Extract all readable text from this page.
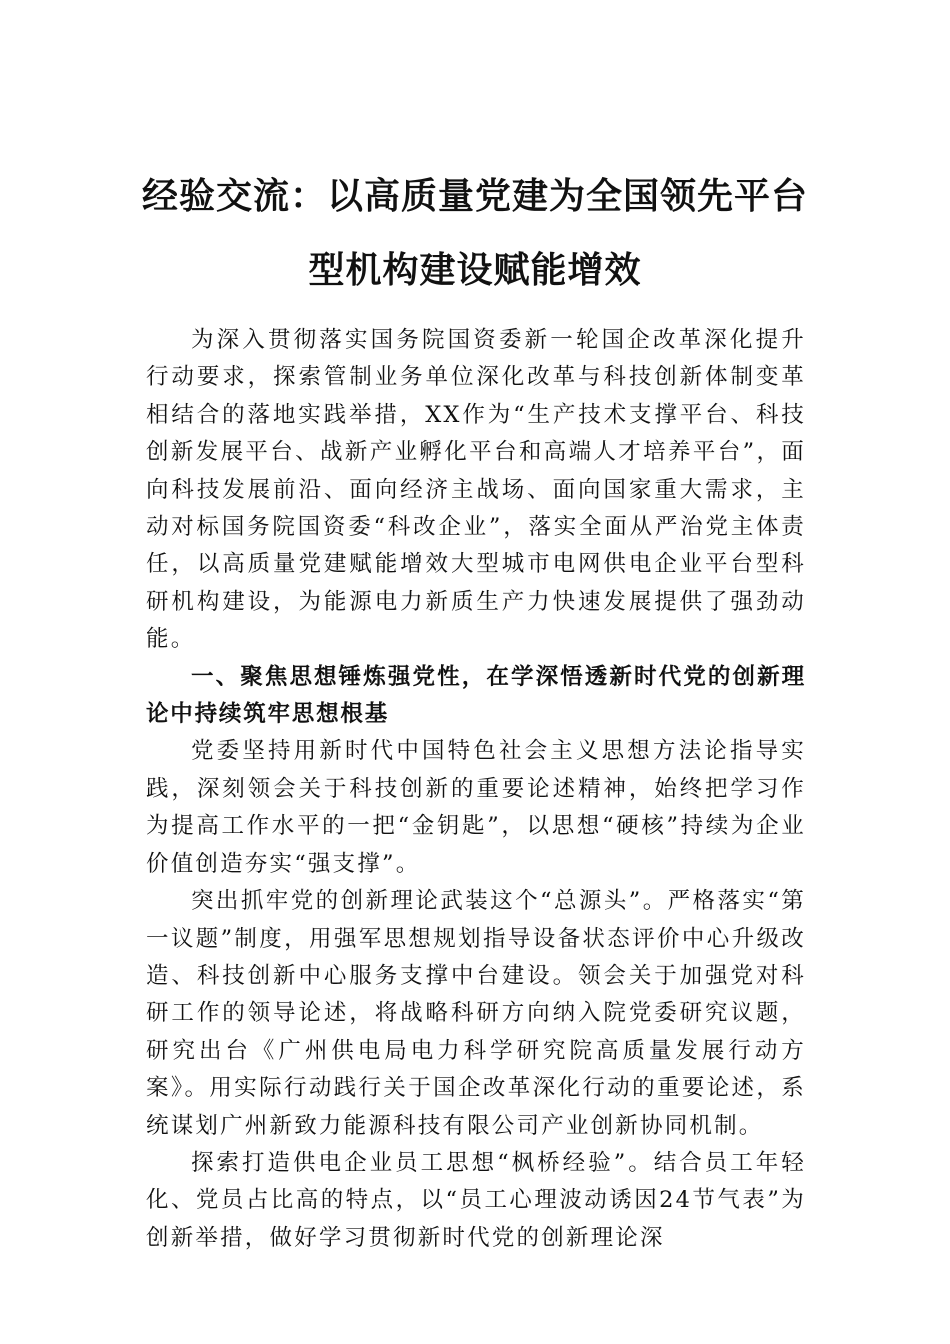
经验交流：以高质量党建为全国领先平台
型机构建设赋能增效

为深入贯彻落实国务院国资委新一轮国企改革深化提升行动要求，探索管制业务单位深化改革与科技创新体制变革相结合的落地实践举措，XX作为“生产技术支撑平台、科技创新发展平台、战新产业孵化平台和高端人才培养平台”，面向科技发展前沿、面向经济主战场、面向国家重大需求，主动对标国务院国资委“科改企业”，落实全面从严治党主体责任，以高质量党建赋能增效大型城市电网供电企业平台型科研机构建设，为能源电力新质生产力快速发展提供了强劲动能。

一、聚焦思想锤炼强党性，在学深悟透新时代党的创新理论中持续筑牢思想根基

党委坚持用新时代中国特色社会主义思想方法论指导实践，深刻领会关于科技创新的重要论述精神，始终把学习作为提高工作水平的一把“金钥匙”，以思想“硬核”持续为企业价值创造夯实“强支撑”。

突出抓牢党的创新理论武装这个“总源头”。严格落实“第一议题”制度，用强军思想规划指导设备状态评价中心升级改造、科技创新中心服务支撑中台建设。领会关于加强党对科研工作的领导论述，将战略科研方向纳入院党委研究议题，研究出台《广州供电局电力科学研究院高质量发展行动方案》。用实际行动践行关于国企改革深化行动的重要论述，系统谋划广州新致力能源科技有限公司产业创新协同机制。

探索打造供电企业员工思想“枫桥经验”。结合员工年轻化、党员占比高的特点，以“员工心理波动诱因24节气表”为创新举措，做好学习贯彻新时代党的创新理论深
